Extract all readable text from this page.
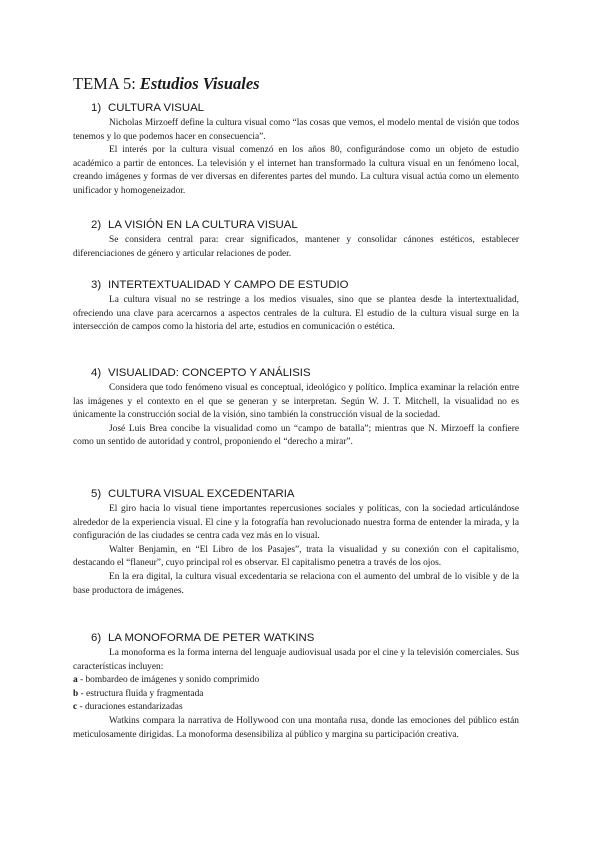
TEMA 5: Estudios Visuales
1) CULTURA VISUAL

Nicholas Mirzoeff define la cultura visual como “las cosas que vemos, el modelo mental de visión que todos tenemos y lo que podemos hacer en consecuencia”.

El interés por la cultura visual comenzó en los años 80, configurándose como un objeto de estudio académico a partir de entonces. La televisión y el internet han transformado la cultura visual en un fenómeno local, creando imágenes y formas de ver diversas en diferentes partes del mundo. La cultura visual actúa como un elemento unificador y homogeneizador.

2) LA VISIÓN EN LA CULTURA VISUAL

Se considera central para: crear significados, mantener y consolidar cánones estéticos, establecer diferenciaciones de género y articular relaciones de poder.

3) INTERTEXTUALIDAD Y CAMPO DE ESTUDIO

La cultura visual no se restringe a los medios visuales, sino que se plantea desde la intertextualidad, ofreciendo una clave para acercarnos a aspectos centrales de la cultura. El estudio de la cultura visual surge en la intersección de campos como la historia del arte, estudios en comunicación o estética.

4) VISUALIDAD: CONCEPTO Y ANÁLISIS

Considera que todo fenómeno visual es conceptual, ideológico y político. Implica examinar la relación entre las imágenes y el contexto en el que se generan y se interpretan. Según W. J. T. Mitchell, la visualidad no es únicamente la construcción social de la visión, sino también la construcción visual de la sociedad.

José Luis Brea concibe la visualidad como un “campo de batalla”; mientras que N. Mirzoeff la confiere como un sentido de autoridad y control, proponiendo el “derecho a mirar”.

5) CULTURA VISUAL EXCEDENTARIA

El giro hacia lo visual tiene importantes repercusiones sociales y políticas, con la sociedad articulándose alrededor de la experiencia visual. El cine y la fotografía han revolucionado nuestra forma de entender la mirada, y la configuración de las ciudades se centra cada vez más en lo visual.

Walter Benjamin, en “El Libro de los Pasajes”, trata la visualidad y su conexión con el capitalismo, destacando el “flaneur”, cuyo principal rol es observar. El capitalismo penetra a través de los ojos.

En la era digital, la cultura visual excedentaria se relaciona con el aumento del umbral de lo visible y de la base productora de imágenes.

6) LA MONOFORMA DE PETER WATKINS

La monoforma es la forma interna del lenguaje audiovisual usada por el cine y la televisión comerciales. Sus características incluyen:

a - bombardeo de imágenes y sonido comprimido
b - estructura fluida y fragmentada
c - duraciones estandarizadas

Watkins compara la narrativa de Hollywood con una montaña rusa, donde las emociones del público están meticulosamente dirigidas. La monoforma desensibiliza al público y margina su participación creativa.
